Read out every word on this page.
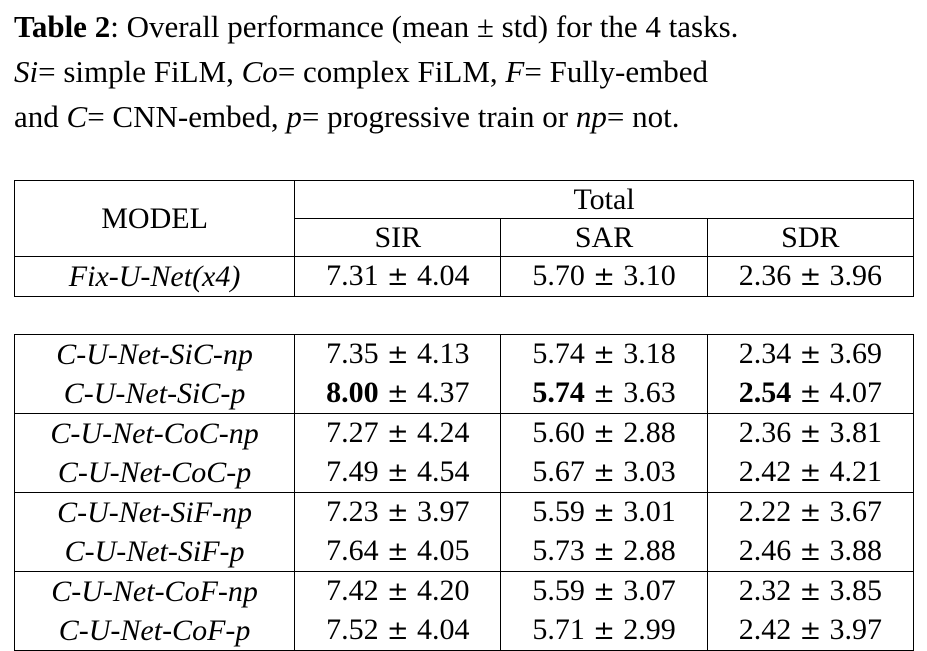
Table 2: Overall performance (mean ± std) for the 4 tasks.
Si= simple FiLM, Co= complex FiLM, F= Fully-embed
and C= CNN-embed, p= progressive train or np= not.
MODEL	Total		
	SIR	SAR	SDR
Fix-U-Net(x4)	7.31 ± 4.04	5.70 ± 3.10	2.36 ± 3.96

C-U-Net-SiC-np	7.35 ± 4.13	5.74 ± 3.18	2.34 ± 3.69
C-U-Net-SiC-p	8.00 ± 4.37	5.74 ± 3.63	2.54 ± 4.07
C-U-Net-CoC-np	7.27 ± 4.24	5.60 ± 2.88	2.36 ± 3.81
C-U-Net-CoC-p	7.49 ± 4.54	5.67 ± 3.03	2.42 ± 4.21
C-U-Net-SiF-np	7.23 ± 3.97	5.59 ± 3.01	2.22 ± 3.67
C-U-Net-SiF-p	7.64 ± 4.05	5.73 ± 2.88	2.46 ± 3.88
C-U-Net-CoF-np	7.42 ± 4.20	5.59 ± 3.07	2.32 ± 3.85
C-U-Net-CoF-p	7.52 ± 4.04	5.71 ± 2.99	2.42 ± 3.97
